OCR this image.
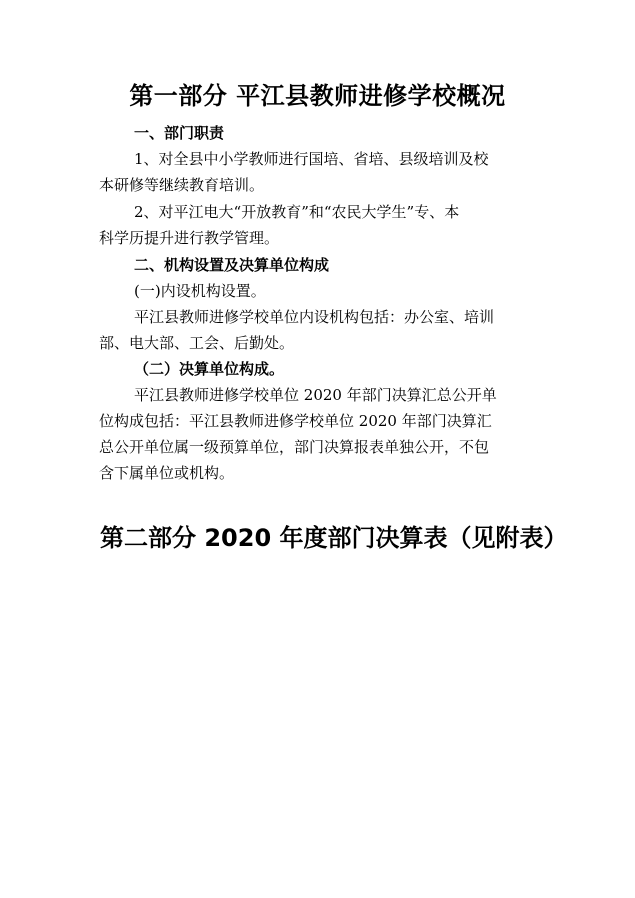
第一部分 平江县教师进修学校概况
一、部门职责
1、对全县中小学教师进行国培、省培、县级培训及校
本研修等继续教育培训。
2、对平江电大“开放教育”和“农民大学生”专、本
科学历提升进行教学管理。
二、机构设置及决算单位构成
(一)内设机构设置。
平江县教师进修学校单位内设机构包括：办公室、培训
部、电大部、工会、后勤处。
（二）决算单位构成。
平江县教师进修学校单位 2020 年部门决算汇总公开单
位构成包括：平江县教师进修学校单位 2020 年部门决算汇
总公开单位属一级预算单位，部门决算报表单独公开，不包
含下属单位或机构。
第二部分 2020 年度部门决算表（见附表）
